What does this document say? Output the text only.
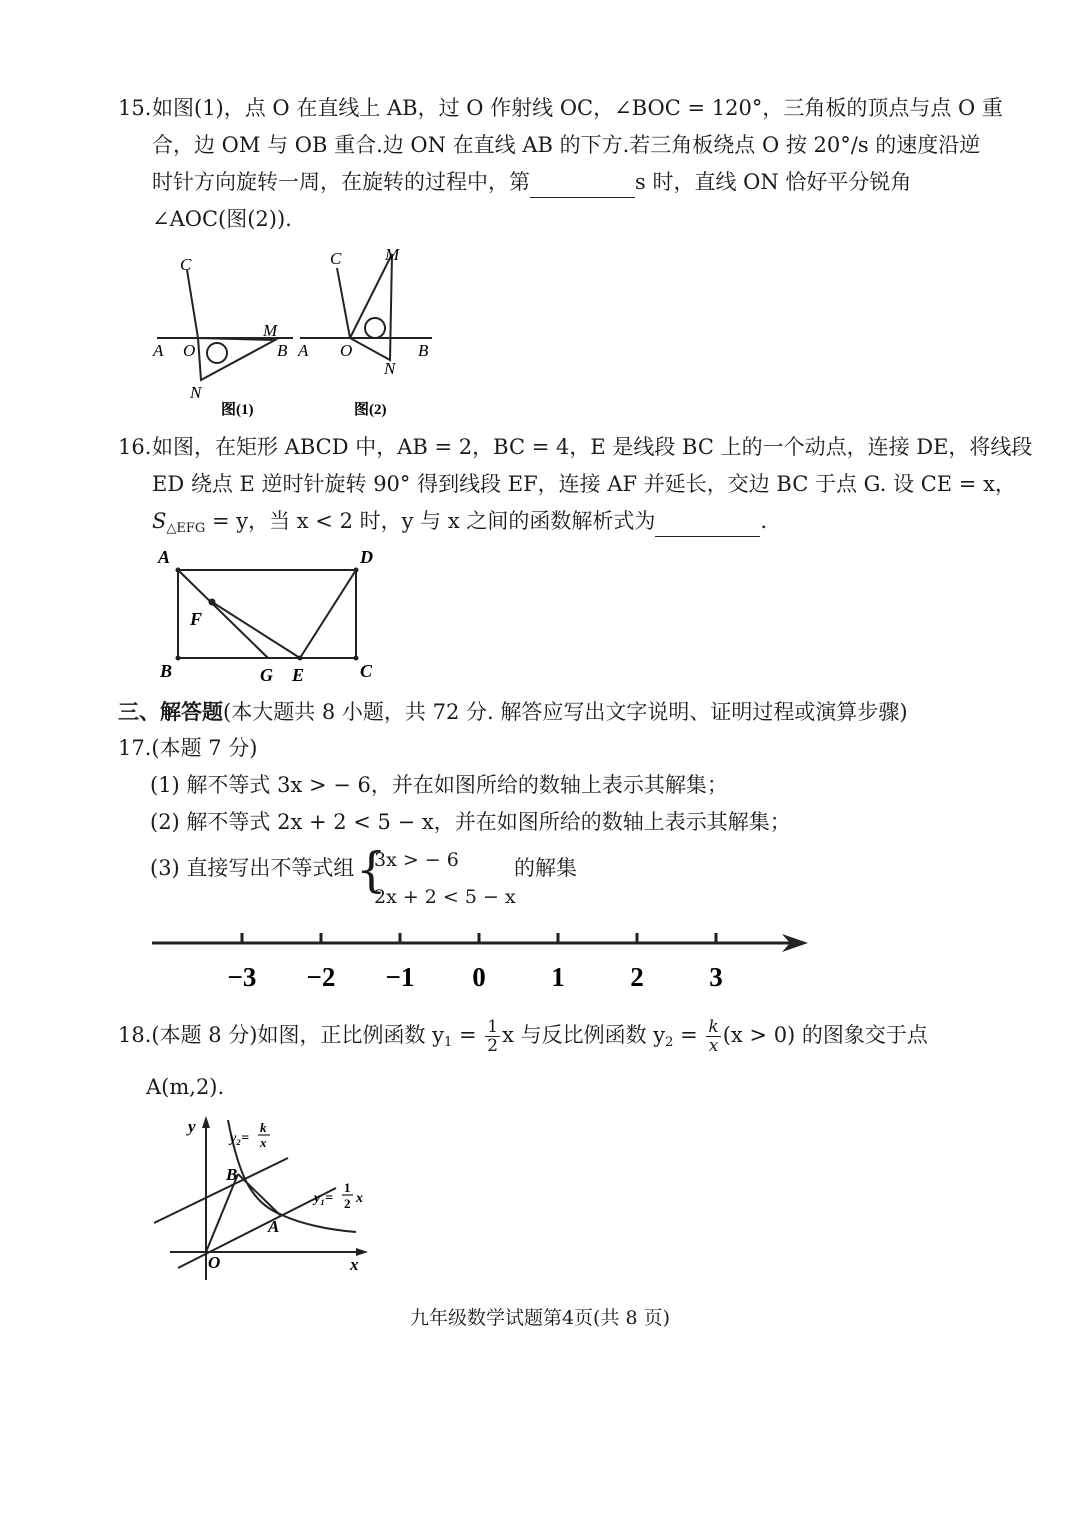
15. 如图(1)，点 O 在直线上 AB，过 O 作射线 OC，∠BOC = 120°，三角板的顶点与点 O 重
合，边 OM 与 OB 重合.边 ON 在直线 AB 的下方.若三角板绕点 O 按 20°/s 的速度沿逆
时针方向旋转一周，在旋转的过程中，第	s 时，直线 ON 恰好平分锐角
∠AOC(图(2)).
A O	B
C
M
N
图(1)
A O	B
C	M
N
图(2)
16. 如图，在矩形 ABCD 中，AB = 2，BC = 4，E 是线段 BC 上的一个动点，连接 DE，将线段
ED 绕点 E 逆时针旋转 90° 得到线段 EF，连接 AF 并延长，交边 BC 于点 G. 设 CE = x，
$S_{\triangle EFG} = y$，当 x < 2 时，y 与 x 之间的函数解析式为	.
A	D
F
B	G E	C
三、解答题(本大题共 8 小题，共 72 分. 解答应写出文字说明、证明过程或演算步骤)
17.(本题 7 分)
(1) 解不等式 3x > − 6，并在如图所给的数轴上表示其解集；
(2) 解不等式 2x + 2 < 5 − x，并在如图所给的数轴上表示其解集；
(3) 直接写出不等式组 {
3x > − 6
2x + 2 < 5 − x
的解集
−3 −2 −1 0 1 2 3
18.(本题 8 分)如图，正比例函数 $y_1 = \frac{1}{2}$ x 与反比例函数 $y_2 = \frac{k}{x} (x > 0)$ 的图象交于点
A(m,2).
y
x
O
A
B
y₂=
k
x
y₁=
1
2 x
九年级数学试题第4页(共 8 页)
